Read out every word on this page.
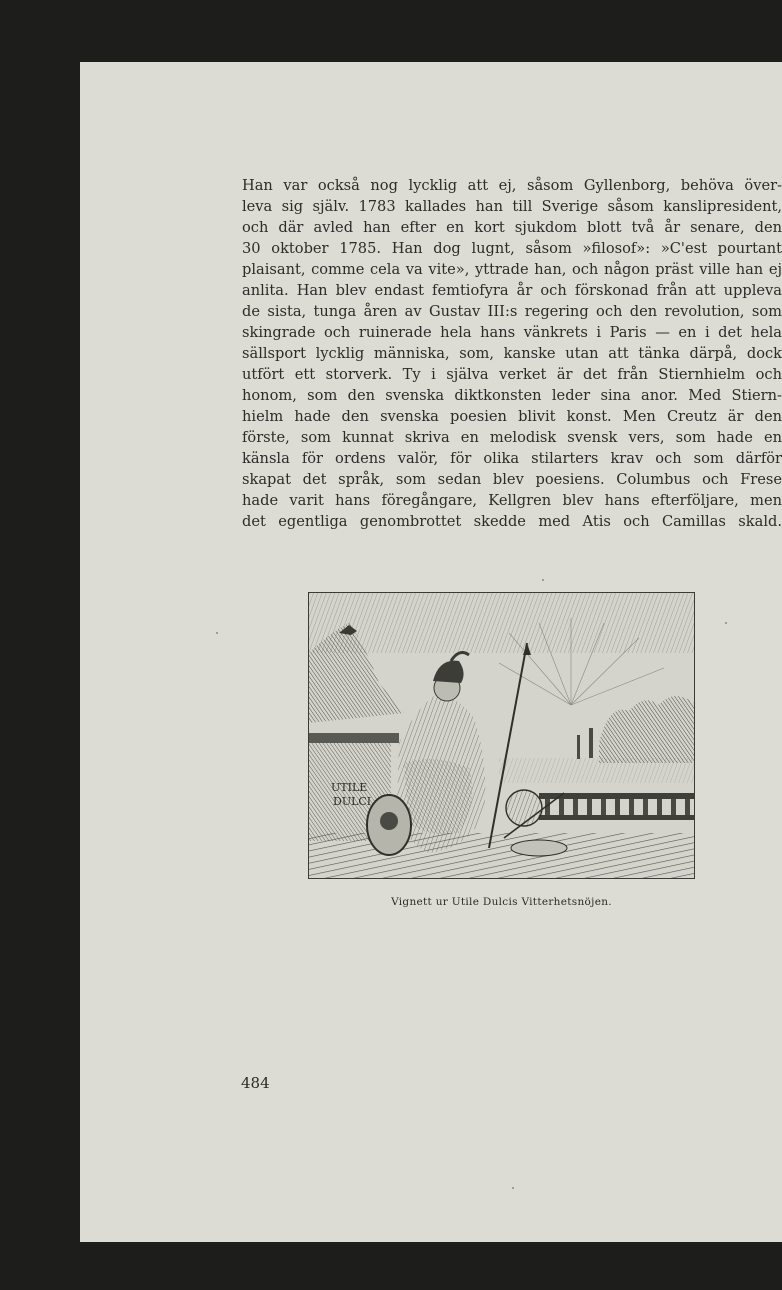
Han var också nog lycklig att ej, såsom Gyllenborg, behöva över-
leva sig själv. 1783 kallades han till Sverige såsom kanslipresident,
och där avled han efter en kort sjukdom blott två år senare, den
30 oktober 1785. Han dog lugnt, såsom »filosof»: »C'est pourtant
plaisant, comme cela va vite», yttrade han, och någon präst ville han ej
anlita. Han blev endast femtiofyra år och förskonad från att uppleva
de sista, tunga åren av Gustav III:s regering och den revolution, som
skingrade och ruinerade hela hans vänkrets i Paris — en i det hela
sällsport lycklig människa, som, kanske utan att tänka därpå, dock
utfört ett storverk. Ty i själva verket är det från Stiernhielm och
honom, som den svenska diktkonsten leder sina anor. Med Stiern-
hielm hade den svenska poesien blivit konst. Men Creutz är den
förste, som kunnat skriva en melodisk svensk vers, som hade en
känsla för ordens valör, för olika stilarters krav och som därför
skapat det språk, som sedan blev poesiens. Columbus och Frese
hade varit hans föregångare, Kellgren blev hans efterföljare, men
det egentliga genombrottet skedde med Atis och Camillas skald.
UTILE
DULCI
Vignett ur Utile Dulcis Vitterhetsnöjen.
484
